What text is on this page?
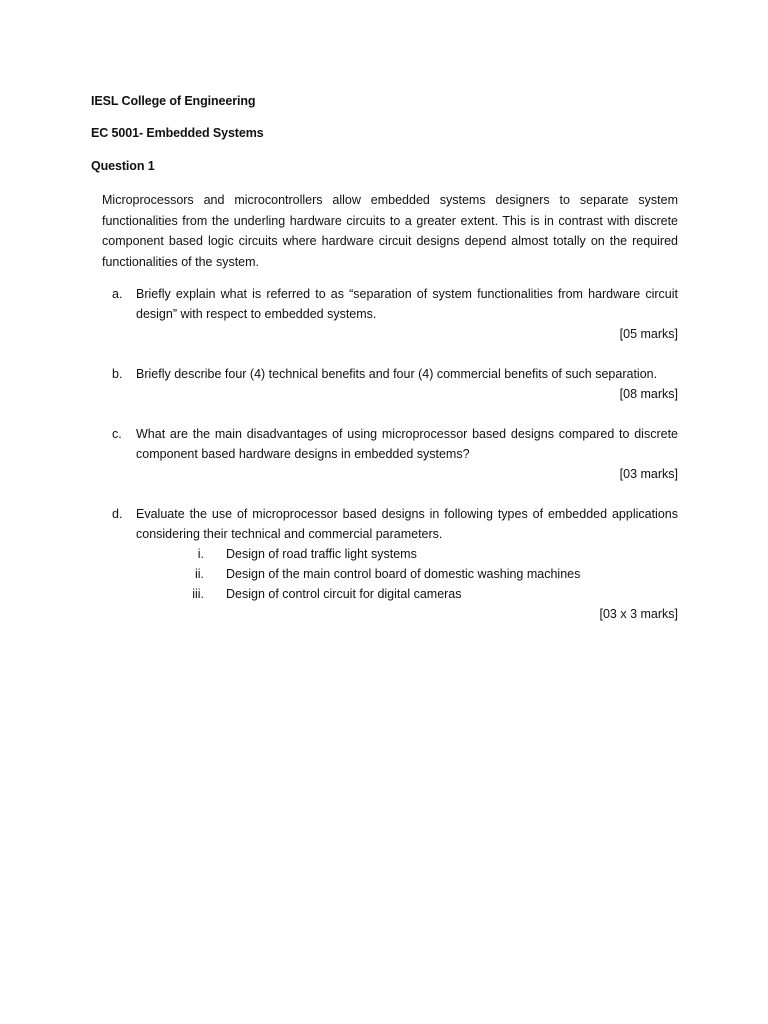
IESL College of Engineering
EC 5001- Embedded Systems
Question 1

Microprocessors and microcontrollers allow embedded systems designers to separate system functionalities from the underling hardware circuits to a greater extent. This is in contrast with discrete component based logic circuits where hardware circuit designs depend almost totally on the required functionalities of the system.

a. Briefly explain what is referred to as “separation of system functionalities from hardware circuit design” with respect to embedded systems.
[05 marks]
b. Briefly describe four (4) technical benefits and four (4) commercial benefits of such separation.
[08 marks]
c. What are the main disadvantages of using microprocessor based designs compared to discrete component based hardware designs in embedded systems?
[03 marks]
d. Evaluate the use of microprocessor based designs in following types of embedded applications considering their technical and commercial parameters.
i. Design of road traffic light systems
ii. Design of the main control board of domestic washing machines
iii. Design of control circuit for digital cameras
[03 x 3 marks]
